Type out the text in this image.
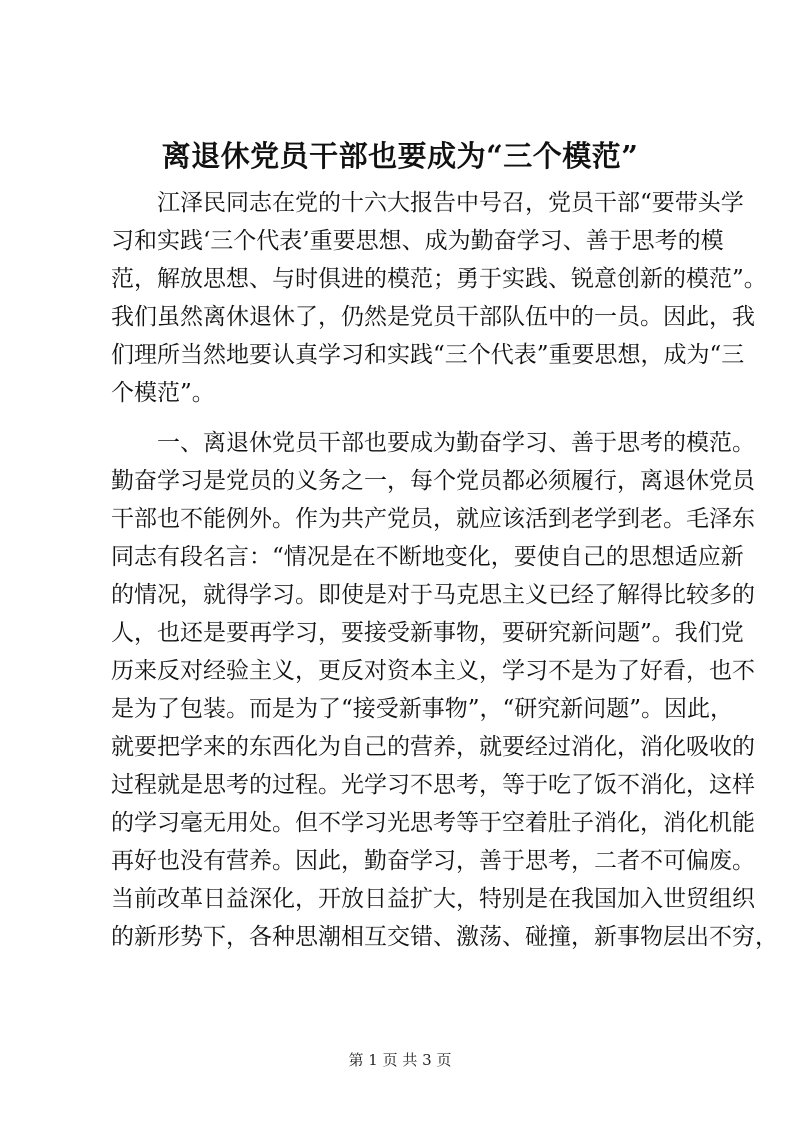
离退休党员干部也要成为“三个模范”
　　江泽民同志在党的十六大报告中号召，党员干部“要带头学
习和实践‘三个代表’重要思想、成为勤奋学习、善于思考的模
范，解放思想、与时俱进的模范；勇于实践、锐意创新的模范”。
我们虽然离休退休了，仍然是党员干部队伍中的一员。因此，我
们理所当然地要认真学习和实践“三个代表”重要思想，成为“三
个模范”。
　　一、离退休党员干部也要成为勤奋学习、善于思考的模范。
勤奋学习是党员的义务之一，每个党员都必须履行，离退休党员
干部也不能例外。作为共产党员，就应该活到老学到老。毛泽东
同志有段名言：“情况是在不断地变化，要使自己的思想适应新
的情况，就得学习。即使是对于马克思主义已经了解得比较多的
人，也还是要再学习，要接受新事物，要研究新问题”。我们党
历来反对经验主义，更反对资本主义，学习不是为了好看，也不
是为了包装。而是为了“接受新事物”，“研究新问题”。因此，
就要把学来的东西化为自己的营养，就要经过消化，消化吸收的
过程就是思考的过程。光学习不思考，等于吃了饭不消化，这样
的学习毫无用处。但不学习光思考等于空着肚子消化，消化机能
再好也没有营养。因此，勤奋学习，善于思考，二者不可偏废。
当前改革日益深化，开放日益扩大，特别是在我国加入世贸组织
的新形势下，各种思潮相互交错、激荡、碰撞，新事物层出不穷，
第 1 页 共 3 页
